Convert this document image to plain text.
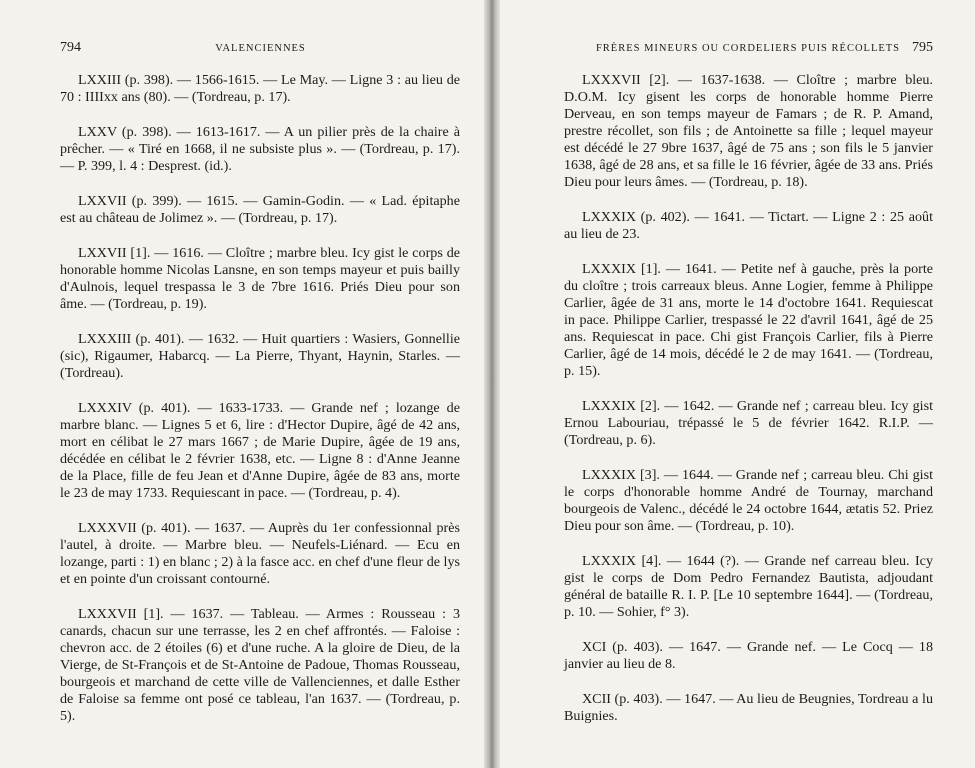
794	VALENCIENNES
LXXIII (p. 398). — 1566-1615. — Le May. — Ligne 3 : au lieu de 70 : IIIIxx ans (80). — (Tordreau, p. 17).
LXXV (p. 398). — 1613-1617. — A un pilier près de la chaire à prêcher. — « Tiré en 1668, il ne subsiste plus ». — (Tordreau, p. 17). — P. 399, l. 4 : Desprest. (id.).
LXXVII (p. 399). — 1615. — Gamin-Godin. — « Lad. épitaphe est au château de Jolimez ». — (Tordreau, p. 17).
LXXVII [1]. — 1616. — Cloître ; marbre bleu. Icy gist le corps de honorable homme Nicolas Lansne, en son temps mayeur et puis bailly d'Aulnois, lequel trespassa le 3 de 7bre 1616. Priés Dieu pour son âme. — (Tordreau, p. 19).
LXXXIII (p. 401). — 1632. — Huit quartiers : Wasiers, Gonnellie (sic), Rigaumer, Habarcq. — La Pierre, Thyant, Haynin, Starles. — (Tordreau).
LXXXIV (p. 401). — 1633-1733. — Grande nef ; lozange de marbre blanc. — Lignes 5 et 6, lire : d'Hector Dupire, âgé de 42 ans, mort en célibat le 27 mars 1667 ; de Marie Dupire, âgée de 19 ans, décédée en célibat le 2 février 1638, etc. — Ligne 8 : d'Anne Jeanne de la Place, fille de feu Jean et d'Anne Dupire, âgée de 83 ans, morte le 23 de may 1733. Requiescant in pace. — (Tordreau, p. 4).
LXXXVII (p. 401). — 1637. — Auprès du 1er confessionnal près l'autel, à droite. — Marbre bleu. — Neufels-Liénard. — Ecu en lozange, parti : 1) en blanc ; 2) à la fasce acc. en chef d'une fleur de lys et en pointe d'un croissant contourné.
LXXXVII [1]. — 1637. — Tableau. — Armes : Rousseau : 3 canards, chacun sur une terrasse, les 2 en chef affrontés. — Faloise : chevron acc. de 2 étoiles (6) et d'une ruche. A la gloire de Dieu, de la Vierge, de St-François et de St-Antoine de Padoue, Thomas Rousseau, bourgeois et marchand de cette ville de Vallenciennes, et dalle Esther de Faloise sa femme ont posé ce tableau, l'an 1637. — (Tordreau, p. 5).
FRÈRES MINEURS OU CORDELIERS PUIS RÉCOLLETS 795
LXXXVII [2]. — 1637-1638. — Cloître ; marbre bleu. D.O.M. Icy gisent les corps de honorable homme Pierre Derveau, en son temps mayeur de Famars ; de R. P. Amand, prestre récollet, son fils ; de Antoinette sa fille ; lequel mayeur est décédé le 27 9bre 1637, âgé de 75 ans ; son fils le 5 janvier 1638, âgé de 28 ans, et sa fille le 16 février, âgée de 33 ans. Priés Dieu pour leurs âmes. — (Tordreau, p. 18).
LXXXIX (p. 402). — 1641. — Tictart. — Ligne 2 : 25 août au lieu de 23.
LXXXIX [1]. — 1641. — Petite nef à gauche, près la porte du cloître ; trois carreaux bleus. Anne Logier, femme à Philippe Carlier, âgée de 31 ans, morte le 14 d'octobre 1641. Requiescat in pace. Philippe Carlier, trespassé le 22 d'avril 1641, âgé de 25 ans. Requiescat in pace. Chi gist François Carlier, fils à Pierre Carlier, âgé de 14 mois, décédé le 2 de may 1641. — (Tordreau, p. 15).
LXXXIX [2]. — 1642. — Grande nef ; carreau bleu. Icy gist Ernou Labouriau, trépassé le 5 de février 1642. R.I.P. — (Tordreau, p. 6).
LXXXIX [3]. — 1644. — Grande nef ; carreau bleu. Chi gist le corps d'honorable homme André de Tournay, marchand bourgeois de Valenc., décédé le 24 octobre 1644, ætatis 52. Priez Dieu pour son âme. — (Tordreau, p. 10).
LXXXIX [4]. — 1644 (?). — Grande nef carreau bleu. Icy gist le corps de Dom Pedro Fernandez Bautista, adjoudant général de bataille R. I. P. [Le 10 septembre 1644]. — (Tordreau, p. 10. — Sohier, f° 3).
XCI (p. 403). — 1647. — Grande nef. — Le Cocq — 18 janvier au lieu de 8.
XCII (p. 403). — 1647. — Au lieu de Beugnies, Tordreau a lu Buignies.
